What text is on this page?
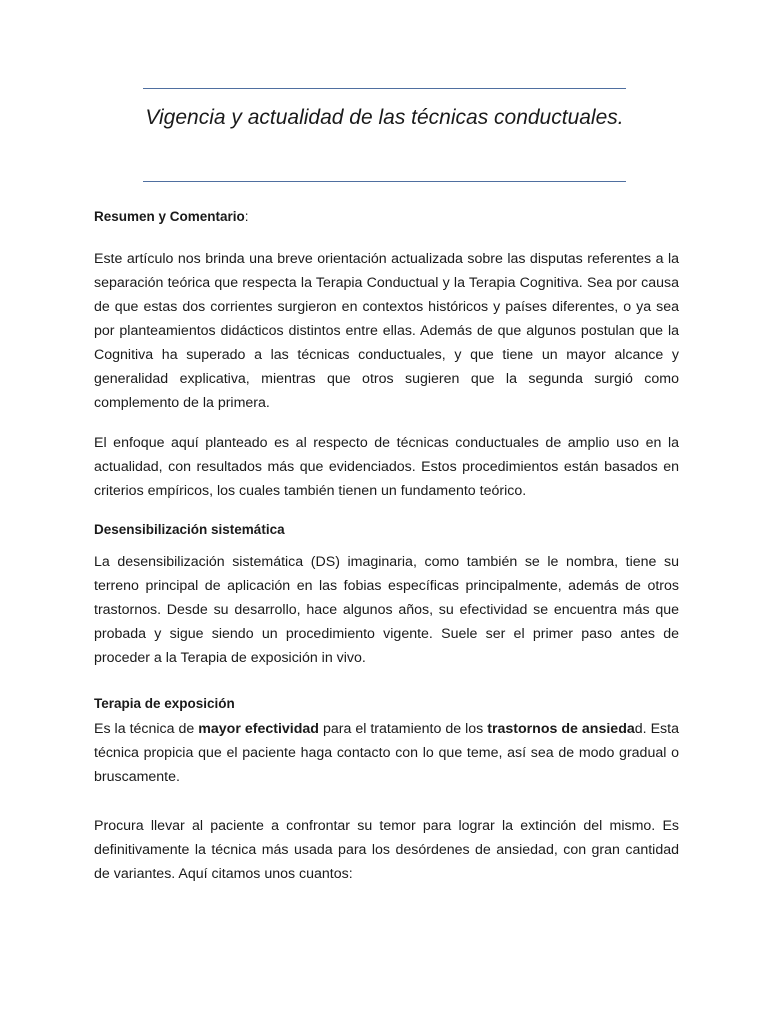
Vigencia y actualidad de las técnicas conductuales.

Resumen y Comentario:

Este artículo nos brinda una breve orientación actualizada sobre las disputas referentes a la separación teórica que respecta la Terapia Conductual y la Terapia Cognitiva. Sea por causa de que estas dos corrientes surgieron en contextos históricos y países diferentes, o ya sea por planteamientos didácticos distintos entre ellas. Además de que algunos postulan que la Cognitiva ha superado a las técnicas conductuales, y que tiene un mayor alcance y generalidad explicativa, mientras que otros sugieren que la segunda surgió como complemento de la primera.

El enfoque aquí planteado es al respecto de técnicas conductuales de amplio uso en la actualidad, con resultados más que evidenciados. Estos procedimientos están basados en criterios empíricos, los cuales también tienen un fundamento teórico.

Desensibilización sistemática

La desensibilización sistemática (DS) imaginaria, como también se le nombra, tiene su terreno principal de aplicación en las fobias específicas principalmente, además de otros trastornos. Desde su desarrollo, hace algunos años, su efectividad se encuentra más que probada y sigue siendo un procedimiento vigente. Suele ser el primer paso antes de proceder a la Terapia de exposición in vivo.

Terapia de exposición

Es la técnica de mayor efectividad para el tratamiento de los trastornos de ansiedad. Esta técnica propicia que el paciente haga contacto con lo que teme, así sea de modo gradual o bruscamente.

Procura llevar al paciente a confrontar su temor para lograr la extinción del mismo. Es definitivamente la técnica más usada para los desórdenes de ansiedad, con gran cantidad de variantes. Aquí citamos unos cuantos:
